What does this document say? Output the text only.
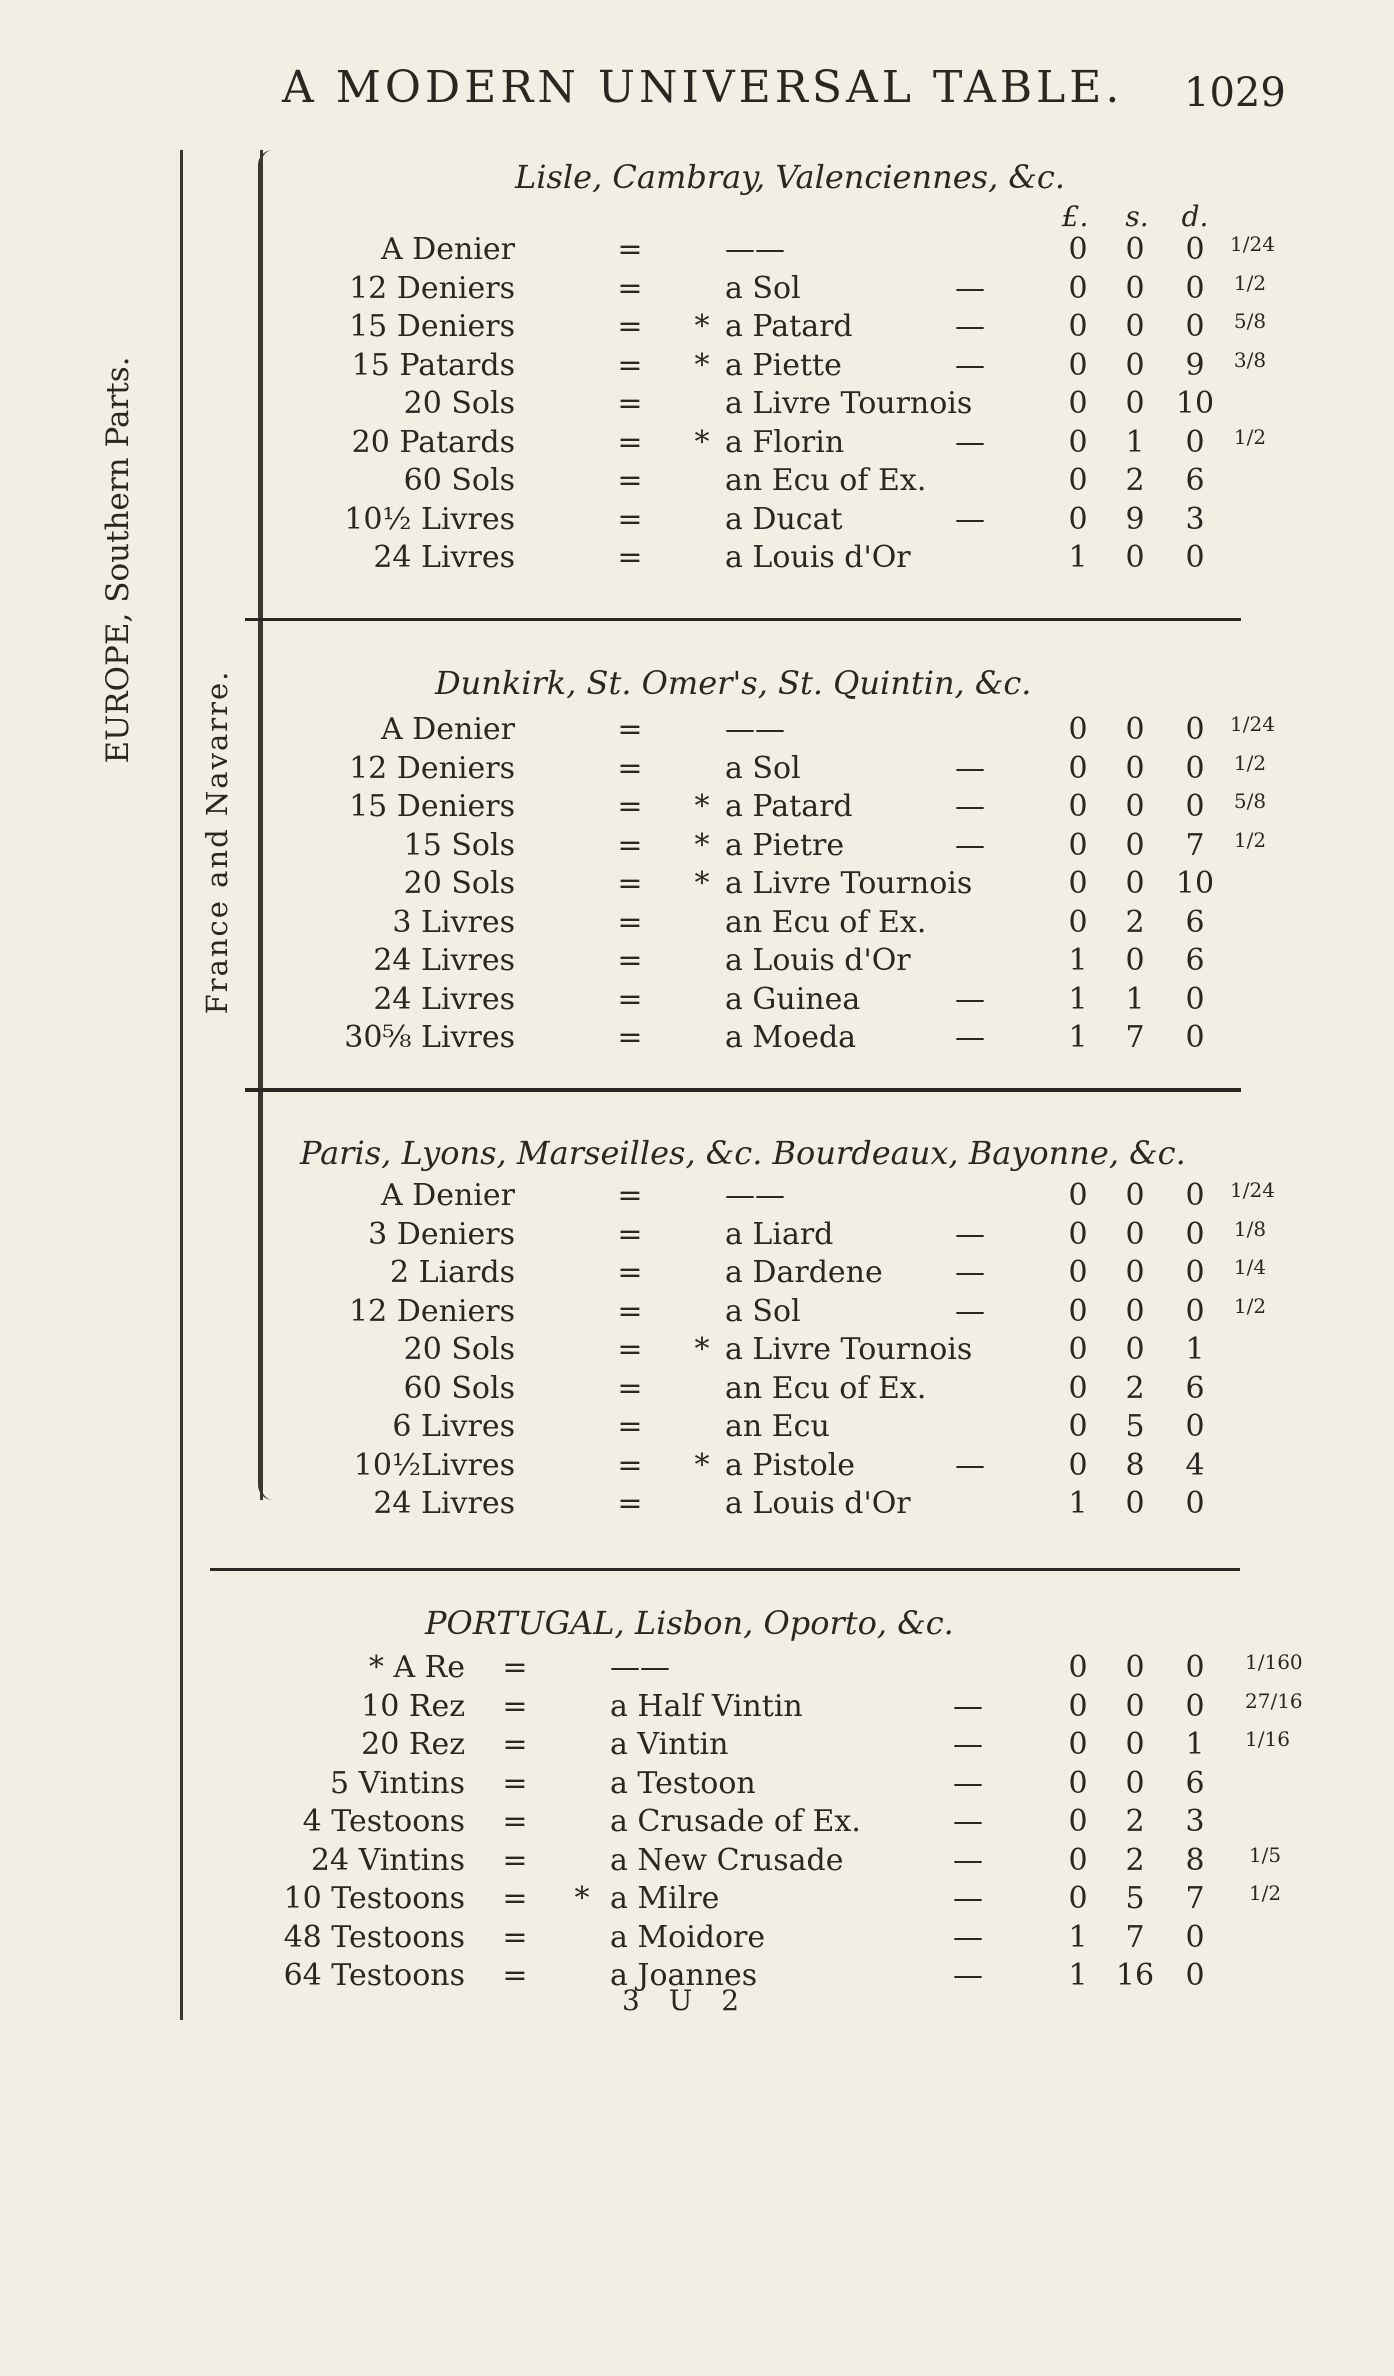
A MODERN UNIVERSAL TABLE. 1029
EUROPE, Southern Parts.
France and Navarre.
£.	s.	d.
Lisle, Cambray, Valenciennes, &c.
Dunkirk, St. Omer's, St. Quintin, &c.
Paris, Lyons, Marseilles, &c. Bourdeaux, Bayonne, &c.
PORTUGAL, Lisbon, Oporto, &c.
A Denier	=	——	0	0	0	1/24
12 Deniers	=	a Sol	—	0	0	0	1/2
15 Deniers	= * a Patard	—	0	0	0	5/8
15 Patards	= * a Piette	—	0	0	9	3/8
20 Sols	=	a Livre Tournois	0	0	10
20 Patards	= * a Florin	—	0	1	0	1/2
60 Sols	=	an Ecu of Ex.	0	2	6
10½ Livres	=	a Ducat	—	0	9	3
24 Livres	=	a Louis d'Or	1	0	0
A Denier	=	——	0	0	0	1/24
12 Deniers	=	a Sol	—	0	0	0	1/2
15 Deniers	= * a Patard	—	0	0	0	5/8
15 Sols	= * a Pietre	—	0	0	7	1/2
20 Sols	= * a Livre Tournois	0	0	10
3 Livres	=	an Ecu of Ex.	0	2	6
24 Livres	=	a Louis d'Or	1	0	6
24 Livres	=	a Guinea	—	1	1	0
30⅝ Livres	=	a Moeda	—	1	7	0
A Denier	=	——	0	0	0	1/24
3 Deniers	=	a Liard	—	0	0	0	1/8
2 Liards	=	a Dardene —	0	0	0	1/4
12 Deniers	=	a Sol	—	0	0	0	1/2
20 Sols	= * a Livre Tournois	0	0	1
60 Sols	=	an Ecu of Ex.	0	2	6
6 Livres	=	an Ecu	0	5	0
10½Livres	= * a Pistole	—	0	8	4
24 Livres	=	a Louis d'Or	1	0	0
* A Re =	——	0	0	0	1/160
10 Rez =	a Half Vintin	—	0	0	0	27/16
20 Rez =	a Vintin	—	0	0	1	1/16
5 Vintins =	a Testoon	—	0	0	6
4 Testoons =	a Crusade of Ex.	—	0	2	3
24 Vintins =	a New Crusade	—	0	2	8	1/5
10 Testoons = * a Milre	—	0	5	7	1/2
48 Testoons =	a Moidore	—	1	7	0
64 Testoons =	a Joannes	—	1 16	0
3 U 2
